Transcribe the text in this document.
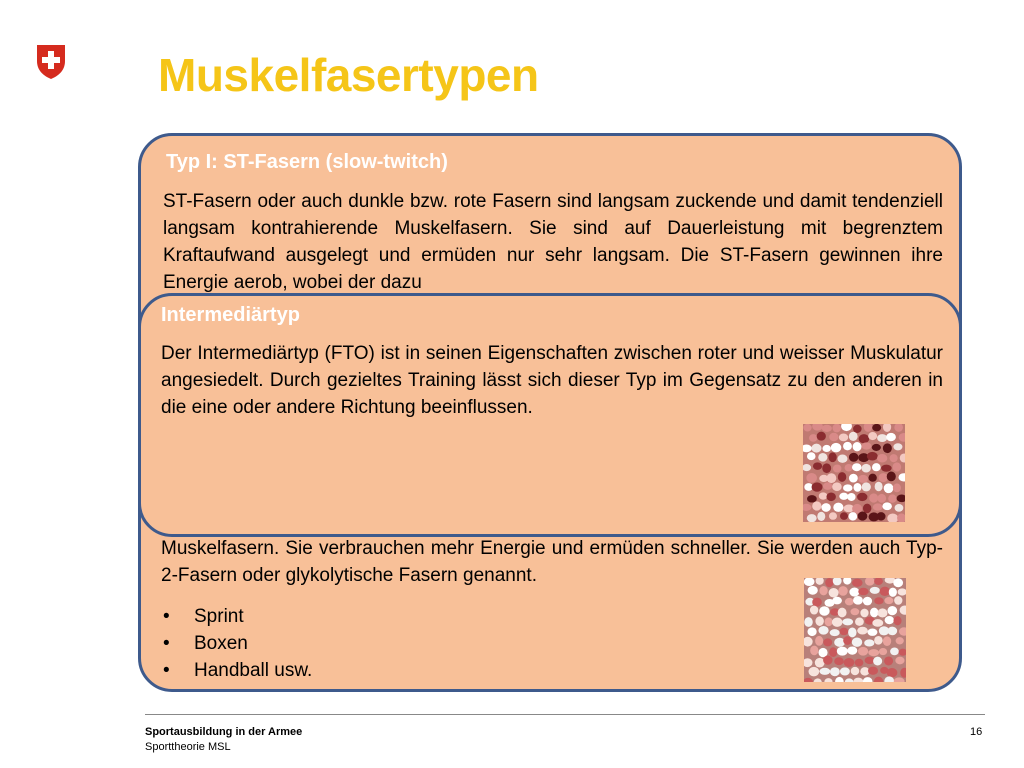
Muskelfasertypen
Typ I: ST-Fasern (slow-twitch)

ST-Fasern oder auch dunkle bzw. rote Fasern sind langsam zuckende und damit tendenziell langsam kontrahierende Muskelfasern. Sie sind auf Dauerleistung mit begrenztem Kraftaufwand ausgelegt und ermüden nur sehr langsam. Die ST-Fasern gewinnen ihre Energie aerob, wobei der dazu

Muskelfasern. Sie verbrauchen mehr Energie und ermüden schneller. Sie werden auch Typ-2-Fasern oder glykolytische Fasern genannt.

• Sprint
• Boxen
• Handball usw.
Intermediärtyp

Der Intermediärtyp (FTO) ist in seinen Eigenschaften zwischen roter und weisser Muskulatur angesiedelt. Durch gezieltes Training lässt sich dieser Typ im Gegensatz zu den anderen in die eine oder andere Richtung beeinflussen.

Sportausbildung in der Armee
Sporttheorie MSL
16
